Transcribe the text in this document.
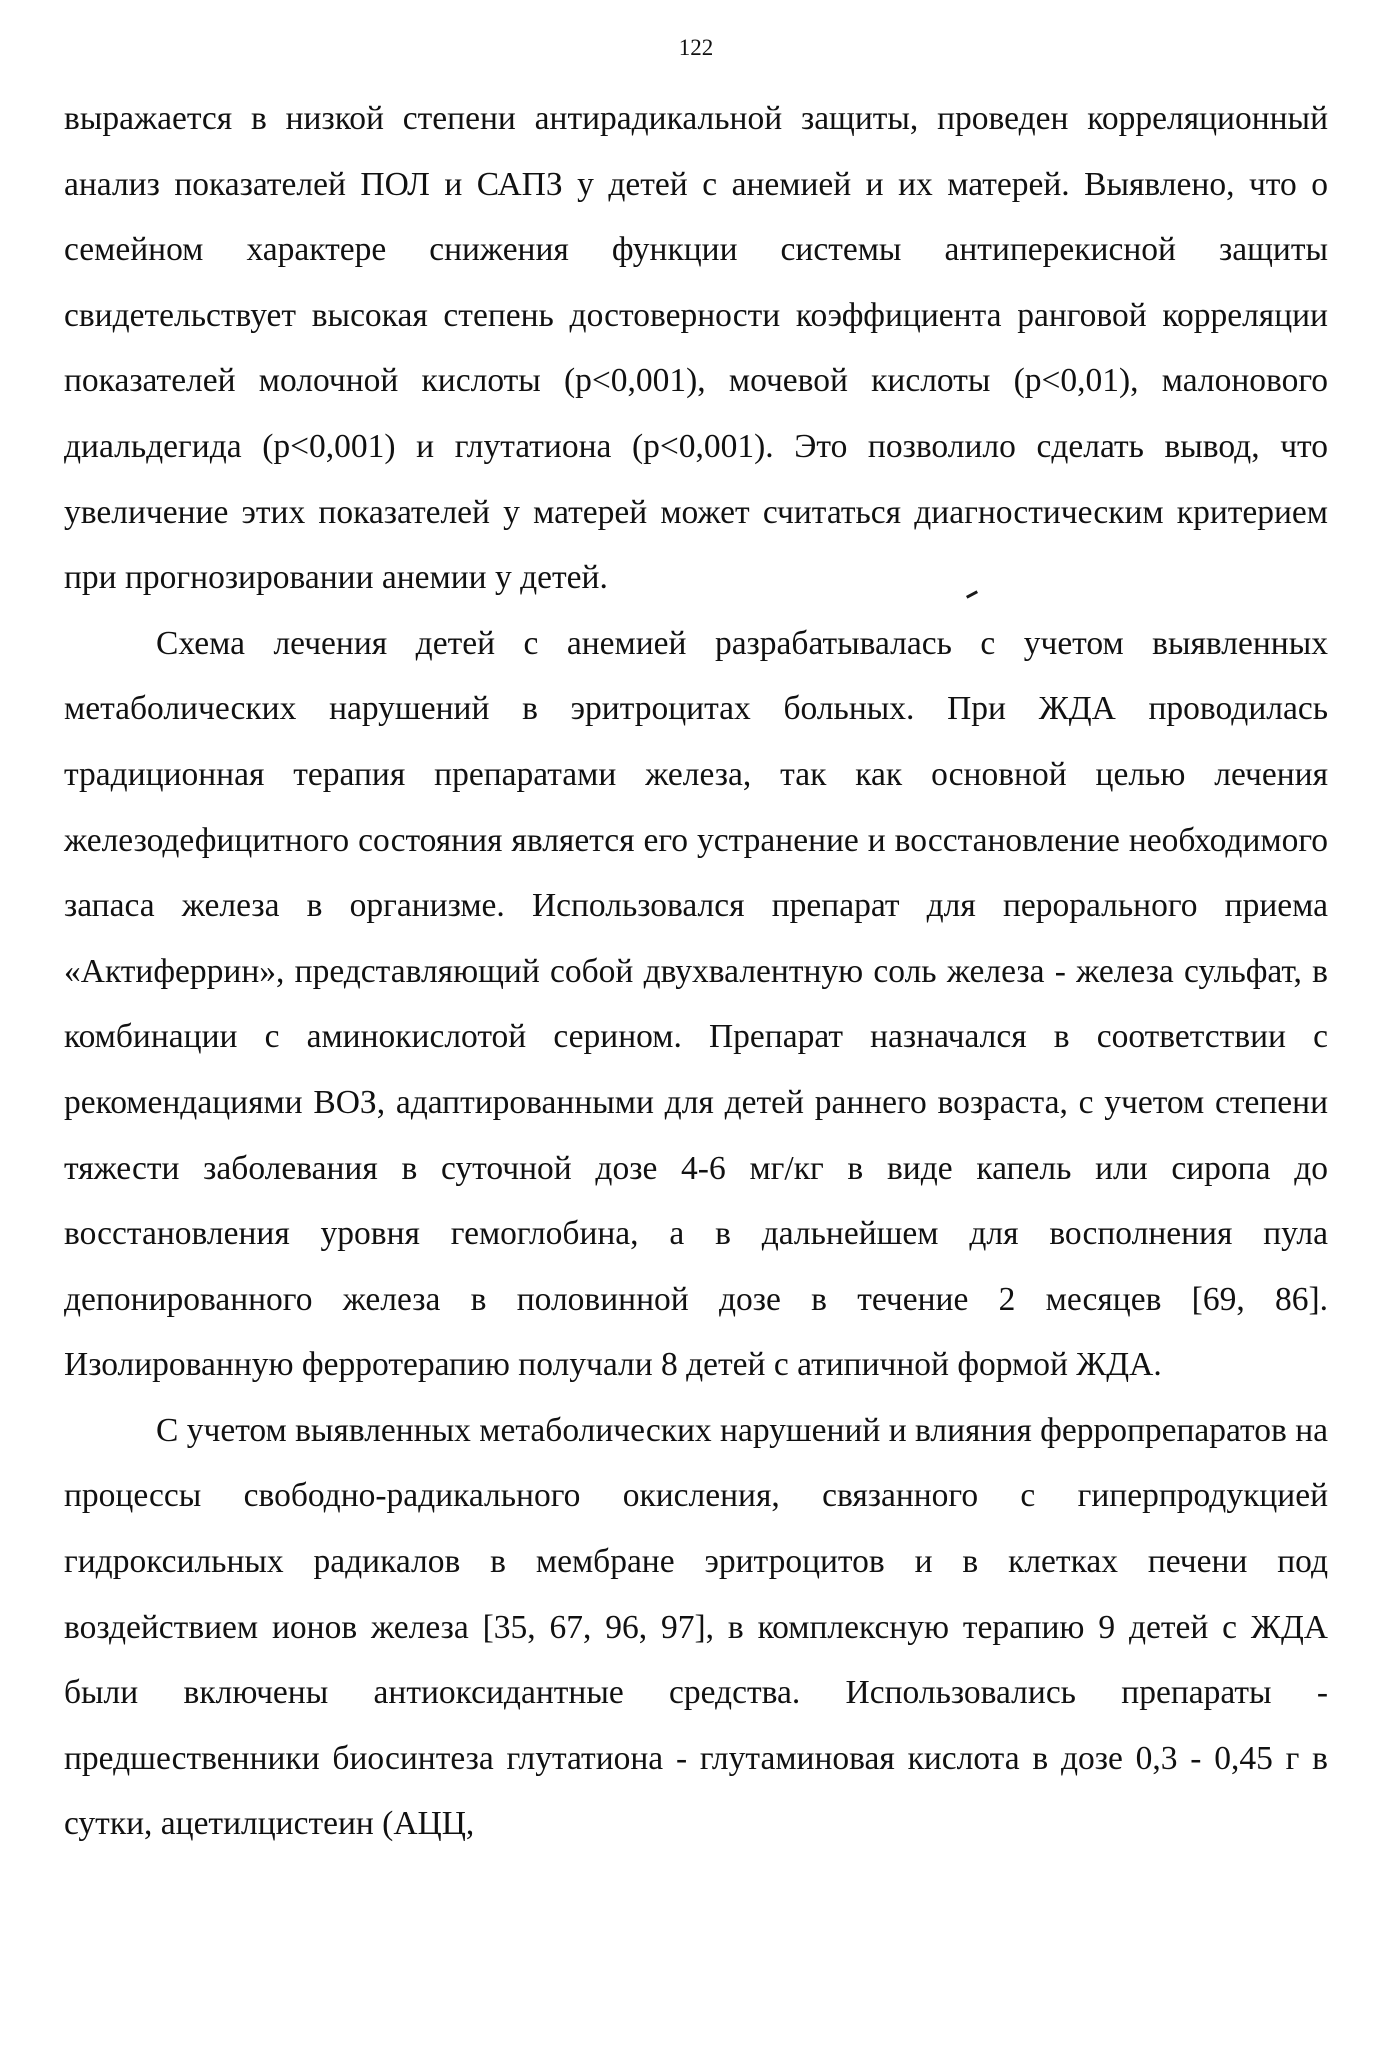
122

выражается в низкой степени антирадикальной защиты, проведен корреляционный анализ показателей ПОЛ и САПЗ у детей с анемией и их матерей. Выявлено, что о семейном характере снижения функции системы антиперекисной защиты свидетельствует высокая степень достоверности коэффициента ранговой корреляции показателей молочной кислоты (p<0,001), мочевой кислоты (p<0,01), малонового диальдегида (p<0,001) и глутатиона (p<0,001). Это позволило сделать вывод, что увеличение этих показателей у матерей может считаться диагностическим критерием при прогнозировании анемии у детей.

Схема лечения детей с анемией разрабатывалась с учетом выявленных метаболических нарушений в эритроцитах больных. При ЖДА проводилась традиционная терапия препаратами железа, так как основной целью лечения железодефицитного состояния является его устранение и восстановление необходимого запаса железа в организме. Использовался препарат для перорального приема «Актиферрин», представляющий собой двухвалентную соль железа - железа сульфат, в комбинации с аминокислотой серином. Препарат назначался в соответствии с рекомендациями ВОЗ, адаптированными для детей раннего возраста, с учетом степени тяжести заболевания в суточной дозе 4-6 мг/кг в виде капель или сиропа до восстановления уровня гемоглобина, а в дальнейшем для восполнения пула депонированного железа в половинной дозе в течение 2 месяцев [69, 86]. Изолированную ферротерапию получали 8 детей с атипичной формой ЖДА.

С учетом выявленных метаболических нарушений и влияния ферропрепаратов на процессы свободно-радикального окисления, связанного с гиперпродукцией гидроксильных радикалов в мембране эритроцитов и в клетках печени под воздействием ионов железа [35, 67, 96, 97], в комплексную терапию 9 детей с ЖДА были включены антиоксидантные средства. Использовались препараты - предшественники биосинтеза глутатиона - глутаминовая кислота в дозе 0,3 - 0,45 г в сутки, ацетилцистеин (АЦЦ,
